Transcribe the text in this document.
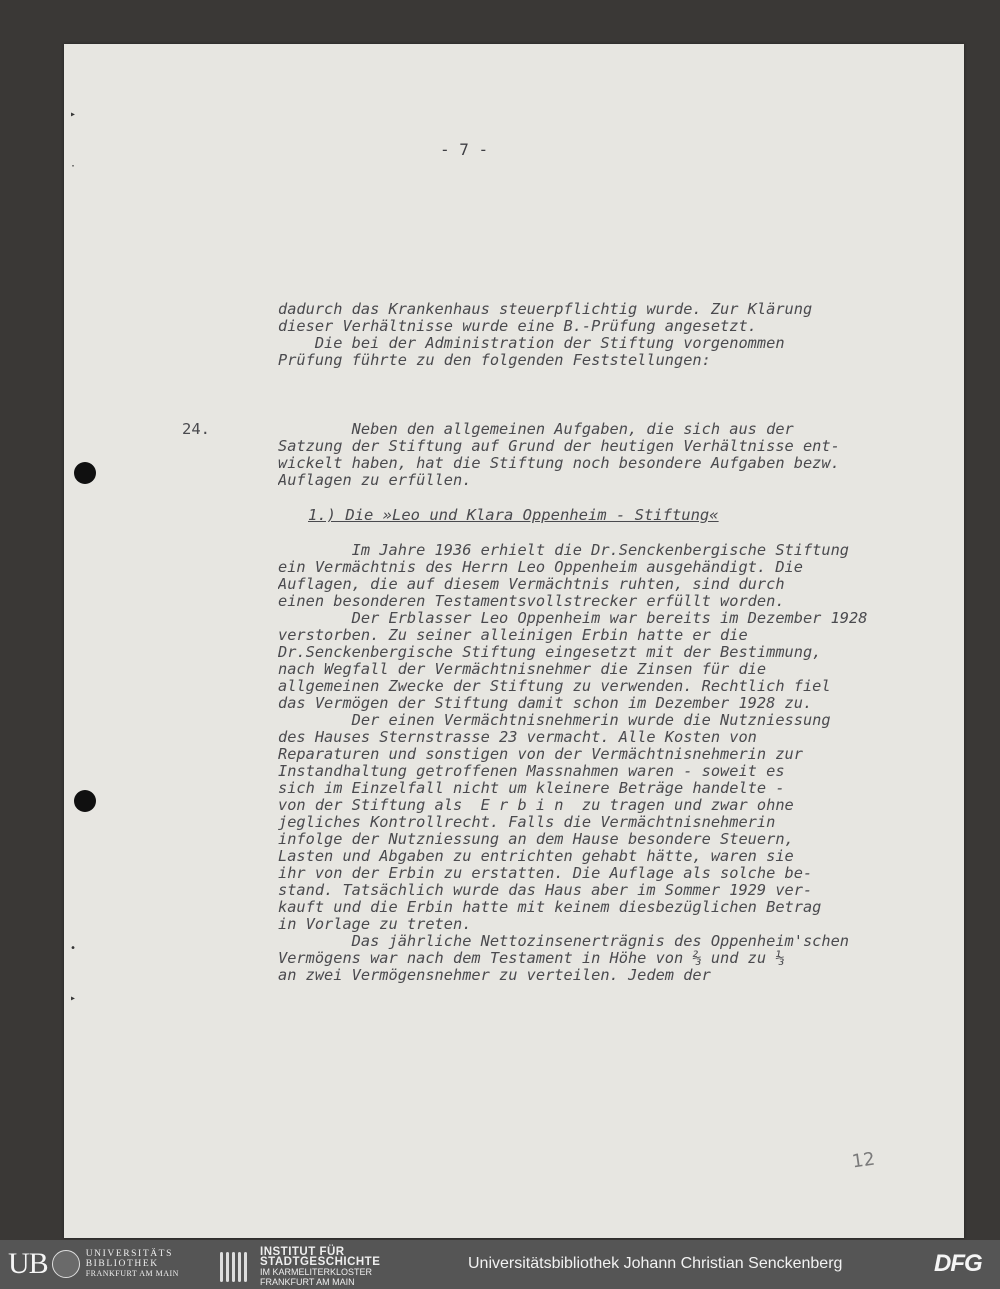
▸
·
•
▸
- 7 -
dadurch das Krankenhaus steuerpflichtig wurde. Zur Klärung
dieser Verhältnisse wurde eine B.-Prüfung angesetzt.
Die bei der Administration der Stiftung vorgenommen
Prüfung führte zu den folgenden Feststellungen:
24.	Neben den allgemeinen Aufgaben, die sich aus der
Satzung der Stiftung auf Grund der heutigen Verhältnisse ent-
wickelt haben, hat die Stiftung noch besondere Aufgaben bezw.
Auflagen zu erfüllen.
1.) Die »Leo und Klara Oppenheim - Stiftung«
Im Jahre 1936 erhielt die Dr.Senckenbergische Stiftung
ein Vermächtnis des Herrn Leo Oppenheim ausgehändigt. Die
Auflagen, die auf diesem Vermächtnis ruhten, sind durch
einen besonderen Testamentsvollstrecker erfüllt worden.
Der Erblasser Leo Oppenheim war bereits im Dezember 1928
verstorben. Zu seiner alleinigen Erbin hatte er die
Dr.Senckenbergische Stiftung eingesetzt mit der Bestimmung,
nach Wegfall der Vermächtnisnehmer die Zinsen für die
allgemeinen Zwecke der Stiftung zu verwenden. Rechtlich fiel
das Vermögen der Stiftung damit schon im Dezember 1928 zu.
Der einen Vermächtnisnehmerin wurde die Nutzniessung
des Hauses Sternstrasse 23 vermacht. Alle Kosten von
Reparaturen und sonstigen von der Vermächtnisnehmerin zur
Instandhaltung getroffenen Massnahmen waren - soweit es
sich im Einzelfall nicht um kleinere Beträge handelte -
von der Stiftung als  E r b i n  zu tragen und zwar ohne
jegliches Kontrollrecht. Falls die Vermächtnisnehmerin
infolge der Nutzniessung an dem Hause besondere Steuern,
Lasten und Abgaben zu entrichten gehabt hätte, waren sie
ihr von der Erbin zu erstatten. Die Auflage als solche be-
stand. Tatsächlich wurde das Haus aber im Sommer 1929 ver-
kauft und die Erbin hatte mit keinem diesbezüglichen Betrag
in Vorlage zu treten.
Das jährliche Nettozinsenerträgnis des Oppenheim'schen
Vermögens war nach dem Testament in Höhe von ⅔ und zu ⅓
an zwei Vermögensnehmer zu verteilen. Jedem der
12
UB	UNIVERSITÄTS
BIBLIOTHEK
FRANKFURT AM MAIN
INSTITUT FÜR
STADTGESCHICHTE
IM KARMELITERKLOSTER
FRANKFURT AM MAIN
Universitätsbibliothek Johann Christian Senckenberg	DFG
